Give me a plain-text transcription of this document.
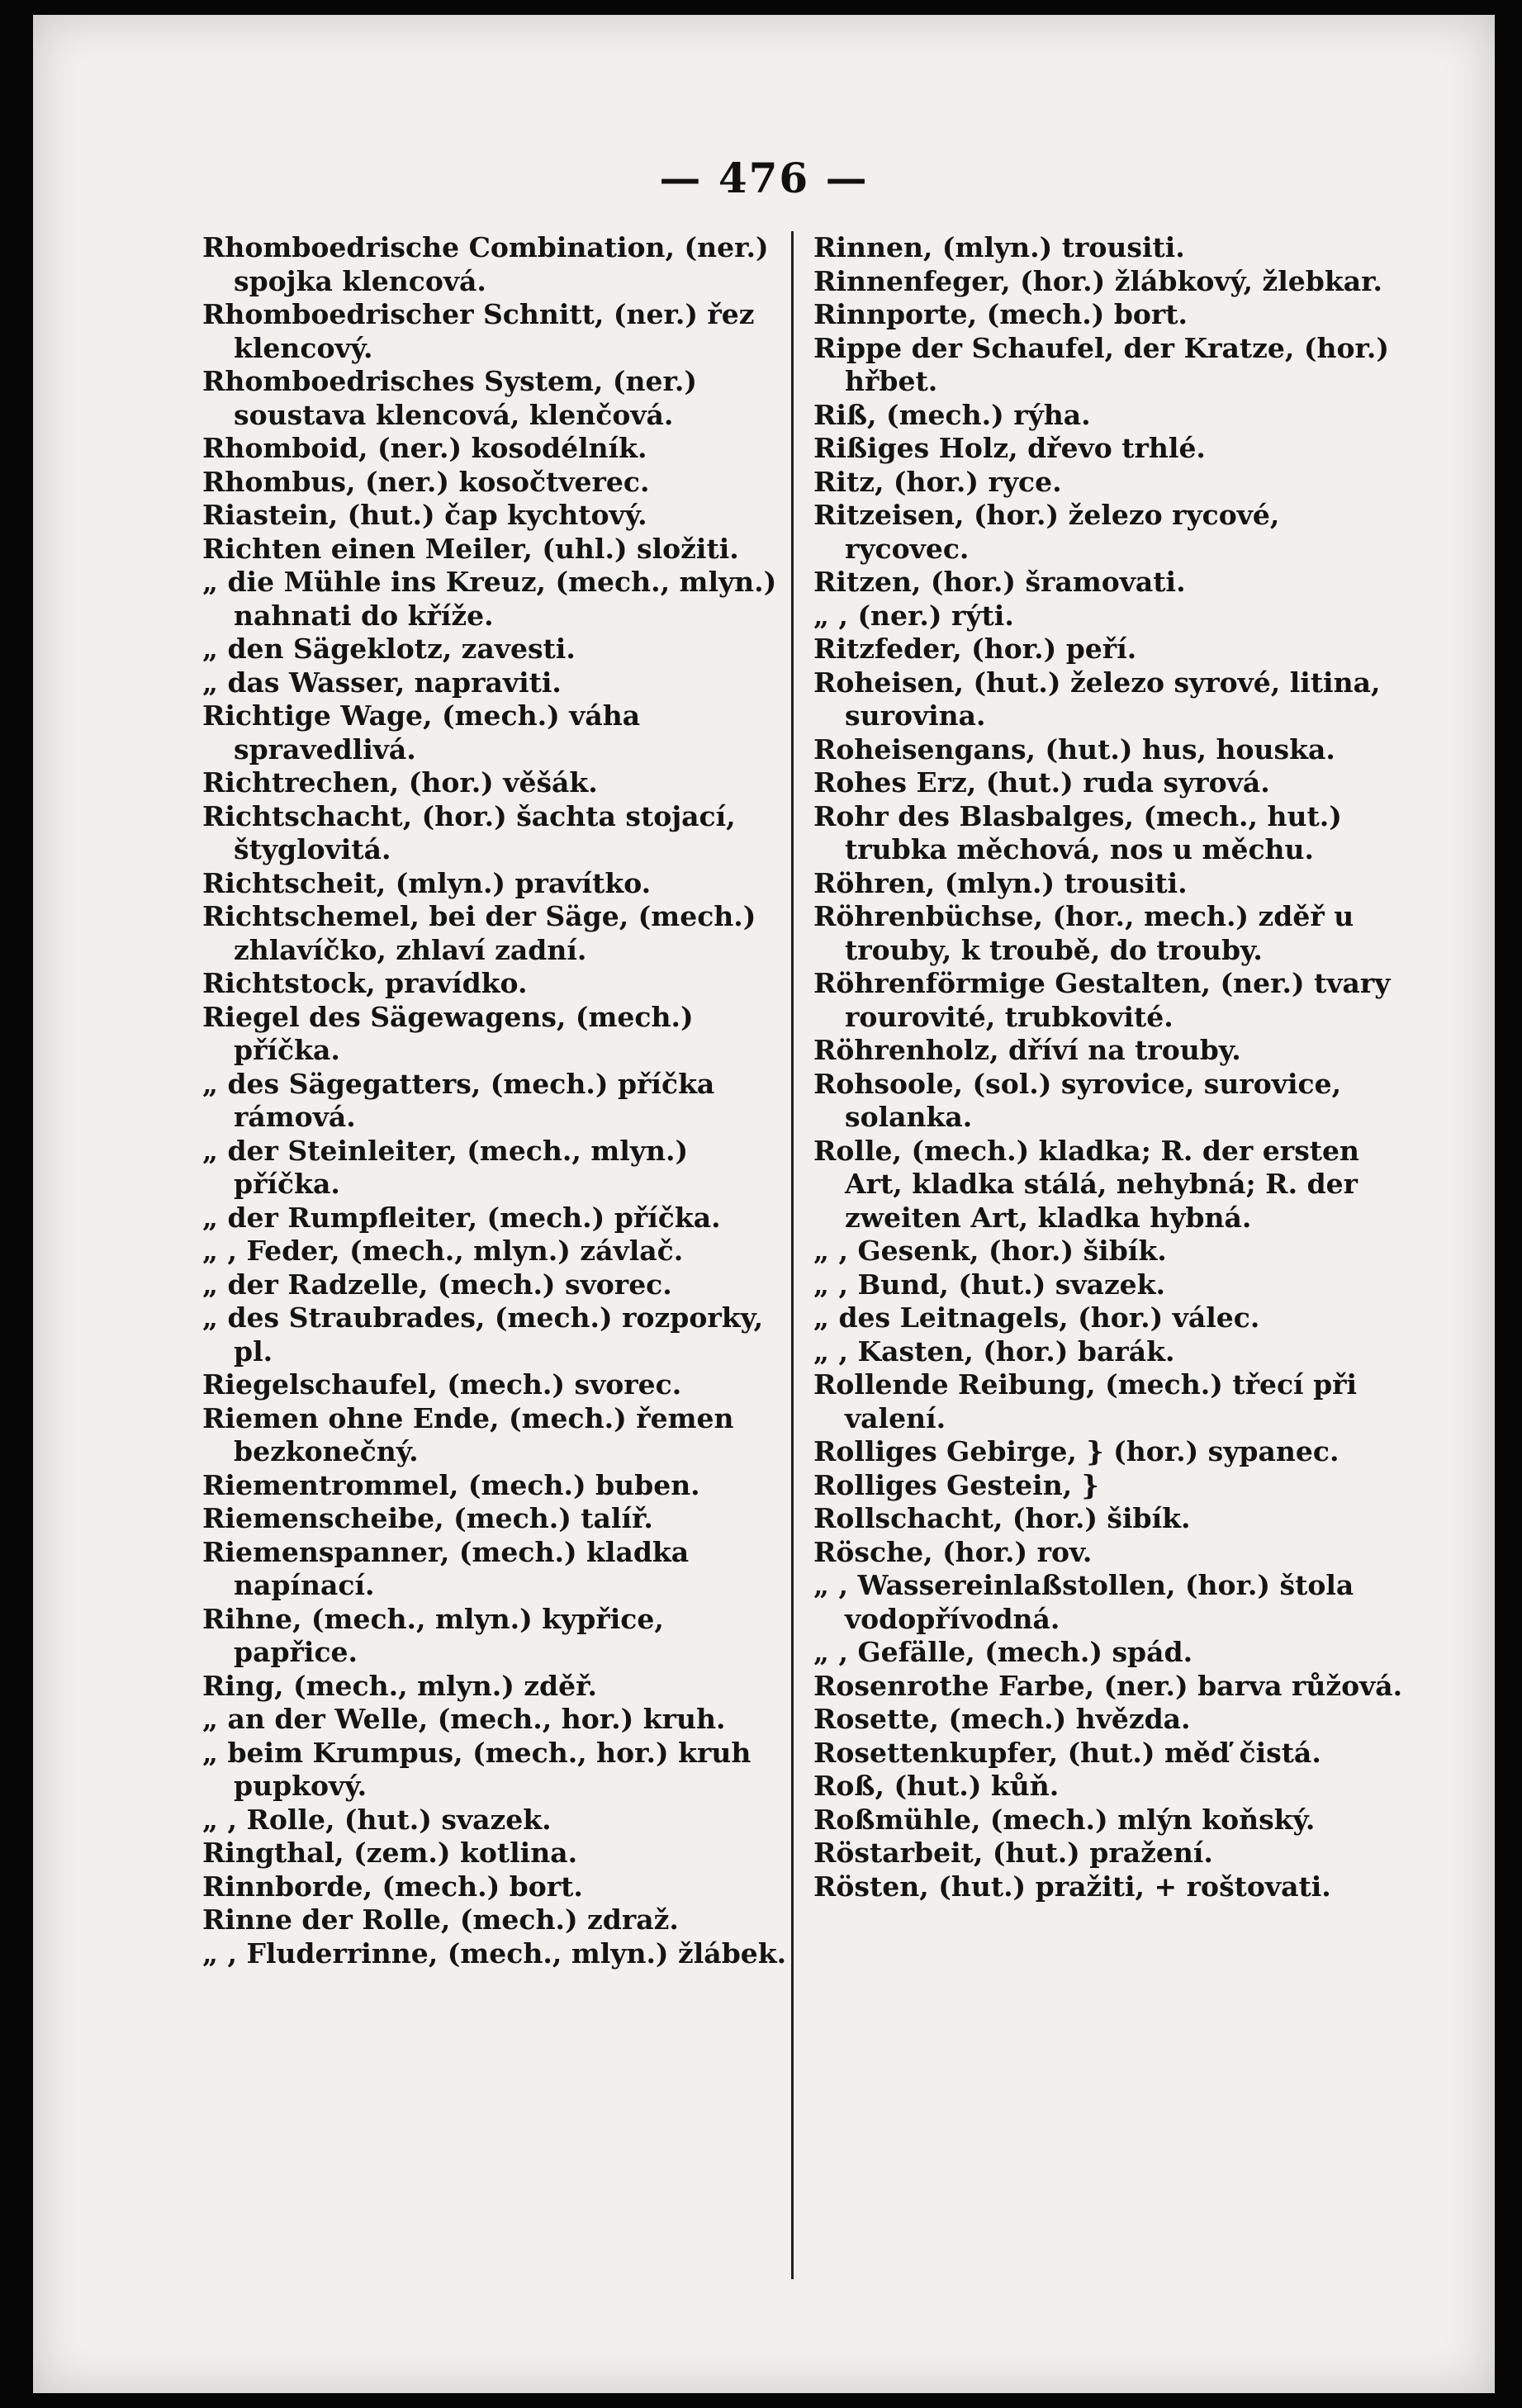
— 476 —
Rhomboedrische Combination, (ner.) spojka klencová.
Rhomboedrischer Schnitt, (ner.) řez klencový.
Rhomboedrisches System, (ner.) soustava klencová, klenčová.
Rhomboid, (ner.) kosodélník.
Rhombus, (ner.) kosočtverec.
Riastein, (hut.) čap kychtový.
Richten einen Meiler, (uhl.) složiti.
„ die Mühle ins Kreuz, (mech., mlyn.) nahnati do kříže.
„ den Sägeklotz, zavesti.
„ das Wasser, napraviti.
Richtige Wage, (mech.) váha spravedlivá.
Richtrechen, (hor.) věšák.
Richtschacht, (hor.) šachta stojací, štyglovitá.
Richtscheit, (mlyn.) pravítko.
Richtschemel, bei der Säge, (mech.) zhlavíčko, zhlaví zadní.
Richtstock, pravídko.
Riegel des Sägewagens, (mech.) příčka.
„ des Sägegatters, (mech.) příčka rámová.
„ der Steinleiter, (mech., mlyn.) příčka.
„ der Rumpfleiter, (mech.) příčka.
„ , Feder, (mech., mlyn.) závlač.
„ der Radzelle, (mech.) svorec.
„ des Straubrades, (mech.) rozporky, pl.
Riegelschaufel, (mech.) svorec.
Riemen ohne Ende, (mech.) řemen bezkonečný.
Riementrommel, (mech.) buben.
Riemenscheibe, (mech.) talíř.
Riemenspanner, (mech.) kladka napínací.
Rihne, (mech., mlyn.) kypřice, papřice.
Ring, (mech., mlyn.) zděř.
„ an der Welle, (mech., hor.) kruh.
„ beim Krumpus, (mech., hor.) kruh pupkový.
„ , Rolle, (hut.) svazek.
Ringthal, (zem.) kotlina.
Rinnborde, (mech.) bort.
Rinne der Rolle, (mech.) zdraž.
„ , Fluderrinne, (mech., mlyn.) žlábek.
Rinnen, (mlyn.) trousiti.
Rinnenfeger, (hor.) žlábkový, žlebkar.
Rinnporte, (mech.) bort.
Rippe der Schaufel, der Kratze, (hor.) hřbet.
Riß, (mech.) rýha.
Rißiges Holz, dřevo trhlé.
Ritz, (hor.) ryce.
Ritzeisen, (hor.) železo rycové, rycovec.
Ritzen, (hor.) šramovati.
„ , (ner.) rýti.
Ritzfeder, (hor.) peří.
Roheisen, (hut.) železo syrové, litina, surovina.
Roheisengans, (hut.) hus, houska.
Rohes Erz, (hut.) ruda syrová.
Rohr des Blasbalges, (mech., hut.) trubka měchová, nos u měchu.
Röhren, (mlyn.) trousiti.
Röhrenbüchse, (hor., mech.) zděř u trouby, k troubě, do trouby.
Röhrenförmige Gestalten, (ner.) tvary rourovité, trubkovité.
Röhrenholz, dříví na trouby.
Rohsoole, (sol.) syrovice, surovice, solanka.
Rolle, (mech.) kladka; R. der ersten Art, kladka stálá, nehybná; R. der zweiten Art, kladka hybná.
„ , Gesenk, (hor.) šibík.
„ , Bund, (hut.) svazek.
„ des Leitnagels, (hor.) válec.
„ , Kasten, (hor.) barák.
Rollende Reibung, (mech.) třecí při valení.
Rolliges Gebirge, } (hor.) sypanec.
Rolliges Gestein, }
Rollschacht, (hor.) šibík.
Rösche, (hor.) rov.
„ , Wassereinlaßstollen, (hor.) štola vodopřívodná.
„ , Gefälle, (mech.) spád.
Rosenrothe Farbe, (ner.) barva růžová.
Rosette, (mech.) hvězda.
Rosettenkupfer, (hut.) měď čistá.
Roß, (hut.) kůň.
Roßmühle, (mech.) mlýn koňský.
Röstarbeit, (hut.) pražení.
Rösten, (hut.) pražiti, + roštovati.
